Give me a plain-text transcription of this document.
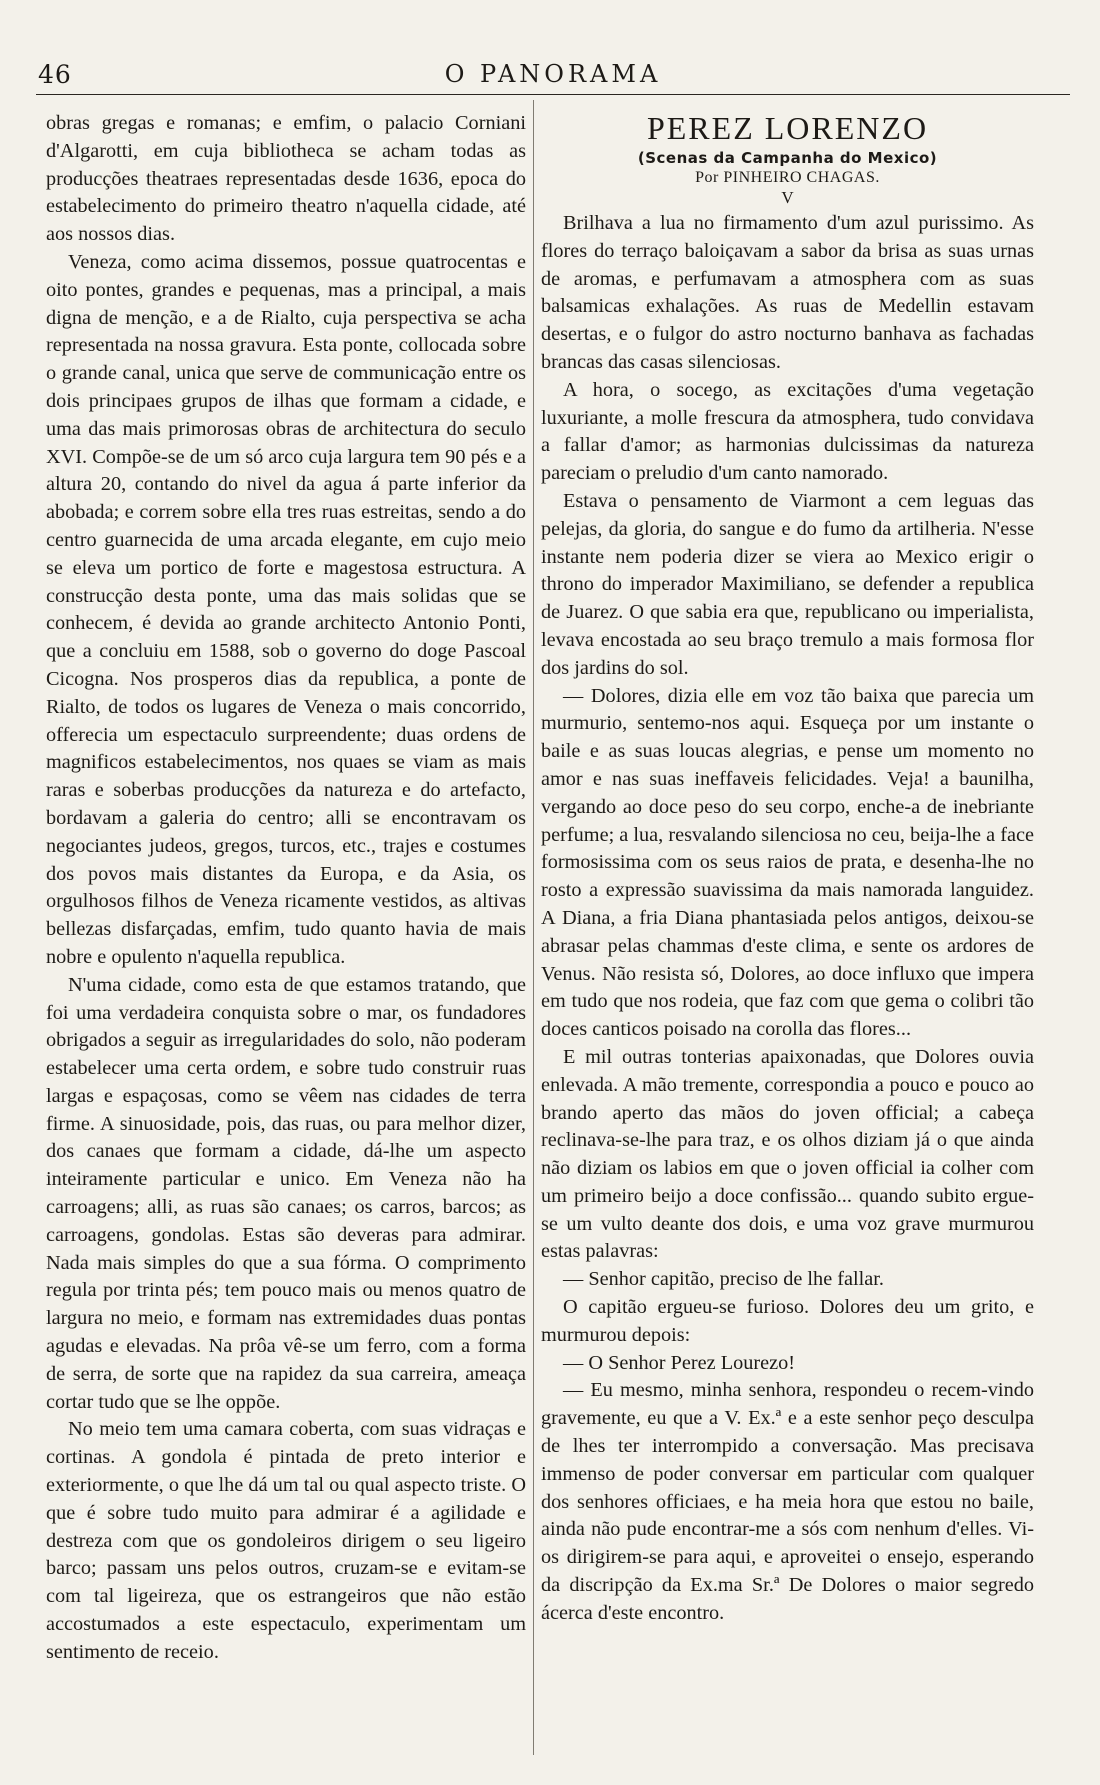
46	O PANORAMA

obras gregas e romanas; e emfim, o palacio Corniani d'Algarotti, em cuja bibliotheca se acham todas as producções theatraes representadas desde 1636, epoca do estabelecimento do primeiro theatro n'aquella cidade, até aos nossos dias.

Veneza, como acima dissemos, possue quatrocentas e oito pontes, grandes e pequenas, mas a principal, a mais digna de menção, e a de Rialto, cuja perspectiva se acha representada na nossa gravura. Esta ponte, collocada sobre o grande canal, unica que serve de communicação entre os dois principaes grupos de ilhas que formam a cidade, e uma das mais primorosas obras de architectura do seculo XVI. Compõe-se de um só arco cuja largura tem 90 pés e a altura 20, contando do nivel da agua á parte inferior da abobada; e correm sobre ella tres ruas estreitas, sendo a do centro guarnecida de uma arcada elegante, em cujo meio se eleva um portico de forte e magestosa estructura. A construcção desta ponte, uma das mais solidas que se conhecem, é devida ao grande architecto Antonio Ponti, que a concluiu em 1588, sob o governo do doge Pascoal Cicogna. Nos prosperos dias da republica, a ponte de Rialto, de todos os lugares de Veneza o mais concorrido, offerecia um espectaculo surpreendente; duas ordens de magnificos estabelecimentos, nos quaes se viam as mais raras e soberbas producções da natureza e do artefacto, bordavam a galeria do centro; alli se encontravam os negociantes judeos, gregos, turcos, etc., trajes e costumes dos povos mais distantes da Europa, e da Asia, os orgulhosos filhos de Veneza ricamente vestidos, as altivas bellezas disfarçadas, emfim, tudo quanto havia de mais nobre e opulento n'aquella republica.

N'uma cidade, como esta de que estamos tratando, que foi uma verdadeira conquista sobre o mar, os fundadores obrigados a seguir as irregularidades do solo, não poderam estabelecer uma certa ordem, e sobre tudo construir ruas largas e espaçosas, como se vêem nas cidades de terra firme. A sinuosidade, pois, das ruas, ou para melhor dizer, dos canaes que formam a cidade, dá-lhe um aspecto inteiramente particular e unico. Em Veneza não ha carroagens; alli, as ruas são canaes; os carros, barcos; as carroagens, gondolas. Estas são deveras para admirar. Nada mais simples do que a sua fórma. O comprimento regula por trinta pés; tem pouco mais ou menos quatro de largura no meio, e formam nas extremidades duas pontas agudas e elevadas. Na prôa vê-se um ferro, com a forma de serra, de sorte que na rapidez da sua carreira, ameaça cortar tudo que se lhe oppõe.

No meio tem uma camara coberta, com suas vidraças e cortinas. A gondola é pintada de preto interior e exteriormente, o que lhe dá um tal ou qual aspecto triste. O que é sobre tudo muito para admirar é a agilidade e destreza com que os gondoleiros dirigem o seu ligeiro barco; passam uns pelos outros, cruzam-se e evitam-se com tal ligeireza, que os estrangeiros que não estão accostumados a este espectaculo, experimentam um sentimento de receio.

PEREZ LORENZO
(Scenas da Campanha do Mexico)
Por PINHEIRO CHAGAS.
V

Brilhava a lua no firmamento d'um azul purissimo. As flores do terraço baloiçavam a sabor da brisa as suas urnas de aromas, e perfumavam a atmosphera com as suas balsamicas exhalações. As ruas de Medellin estavam desertas, e o fulgor do astro nocturno banhava as fachadas brancas das casas silenciosas.

A hora, o socego, as excitações d'uma vegetação luxuriante, a molle frescura da atmosphera, tudo convidava a fallar d'amor; as harmonias dulcissimas da natureza pareciam o preludio d'um canto namorado.

Estava o pensamento de Viarmont a cem leguas das pelejas, da gloria, do sangue e do fumo da artilheria. N'esse instante nem poderia dizer se viera ao Mexico erigir o throno do imperador Maximiliano, se defender a republica de Juarez. O que sabia era que, republicano ou imperialista, levava encostada ao seu braço tremulo a mais formosa flor dos jardins do sol.

— Dolores, dizia elle em voz tão baixa que parecia um murmurio, sentemo-nos aqui. Esqueça por um instante o baile e as suas loucas alegrias, e pense um momento no amor e nas suas ineffaveis felicidades. Veja! a baunilha, vergando ao doce peso do seu corpo, enche-a de inebriante perfume; a lua, resvalando silenciosa no ceu, beija-lhe a face formosissima com os seus raios de prata, e desenha-lhe no rosto a expressão suavissima da mais namorada languidez. A Diana, a fria Diana phantasiada pelos antigos, deixou-se abrasar pelas chammas d'este clima, e sente os ardores de Venus. Não resista só, Dolores, ao doce influxo que impera em tudo que nos rodeia, que faz com que gema o colibri tão doces canticos poisado na corolla das flores...

E mil outras tonterias apaixonadas, que Dolores ouvia enlevada. A mão tremente, correspondia a pouco e pouco ao brando aperto das mãos do joven official; a cabeça reclinava-se-lhe para traz, e os olhos diziam já o que ainda não diziam os labios em que o joven official ia colher com um primeiro beijo a doce confissão... quando subito ergue-se um vulto deante dos dois, e uma voz grave murmurou estas palavras:

— Senhor capitão, preciso de lhe fallar.

O capitão ergueu-se furioso. Dolores deu um grito, e murmurou depois:

— O Senhor Perez Lourezo!

— Eu mesmo, minha senhora, respondeu o recem-vindo gravemente, eu que a V. Ex.ª e a este senhor peço desculpa de lhes ter interrompido a conversação. Mas precisava immenso de poder conversar em particular com qualquer dos senhores officiaes, e ha meia hora que estou no baile, ainda não pude encontrar-me a sós com nenhum d'elles. Vi-os dirigirem-se para aqui, e aproveitei o ensejo, esperando da discripção da Ex.ma Sr.ª De Dolores o maior segredo ácerca d'este encontro.
